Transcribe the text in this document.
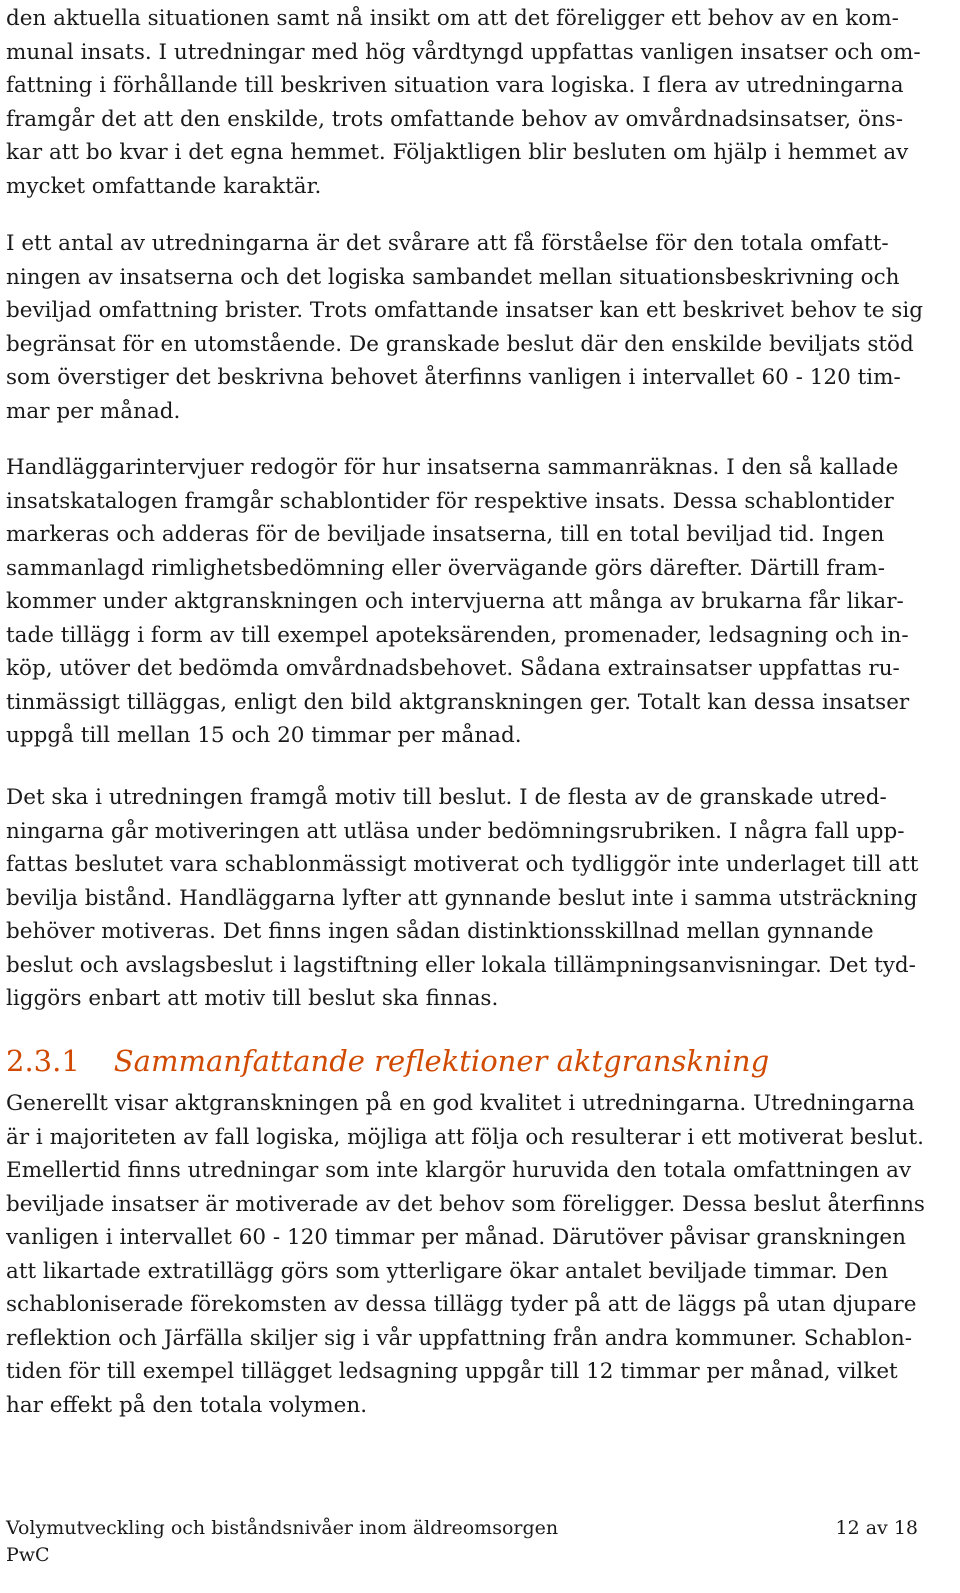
den aktuella situationen samt nå insikt om att det föreligger ett behov av en kom-
munal insats. I utredningar med hög vårdtyngd uppfattas vanligen insatser och om-
fattning i förhållande till beskriven situation vara logiska. I flera av utredningarna
framgår det att den enskilde, trots omfattande behov av omvårdnadsinsatser, öns-
kar att bo kvar i det egna hemmet. Följaktligen blir besluten om hjälp i hemmet av
mycket omfattande karaktär.
I ett antal av utredningarna är det svårare att få förståelse för den totala omfatt-
ningen av insatserna och det logiska sambandet mellan situationsbeskrivning och
beviljad omfattning brister. Trots omfattande insatser kan ett beskrivet behov te sig
begränsat för en utomstående. De granskade beslut där den enskilde beviljats stöd
som överstiger det beskrivna behovet återfinns vanligen i intervallet 60 - 120 tim-
mar per månad.
Handläggarintervjuer redogör för hur insatserna sammanräknas. I den så kallade
insatskatalogen framgår schablontider för respektive insats. Dessa schablontider
markeras och adderas för de beviljade insatserna, till en total beviljad tid. Ingen
sammanlagd rimlighetsbedömning eller övervägande görs därefter. Därtill fram-
kommer under aktgranskningen och intervjuerna att många av brukarna får likar-
tade tillägg i form av till exempel apoteksärenden, promenader, ledsagning och in-
köp, utöver det bedömda omvårdnadsbehovet. Sådana extrainsatser uppfattas ru-
tinmässigt tilläggas, enligt den bild aktgranskningen ger. Totalt kan dessa insatser
uppgå till mellan 15 och 20 timmar per månad.
Det ska i utredningen framgå motiv till beslut. I de flesta av de granskade utred-
ningarna går motiveringen att utläsa under bedömningsrubriken. I några fall upp-
fattas beslutet vara schablonmässigt motiverat och tydliggör inte underlaget till att
bevilja bistånd. Handläggarna lyfter att gynnande beslut inte i samma utsträckning
behöver motiveras. Det finns ingen sådan distinktionsskillnad mellan gynnande
beslut och avslagsbeslut i lagstiftning eller lokala tillämpningsanvisningar. Det tyd-
liggörs enbart att motiv till beslut ska finnas.
2.3.1 Sammanfattande reflektioner aktgranskning
Generellt visar aktgranskningen på en god kvalitet i utredningarna. Utredningarna
är i majoriteten av fall logiska, möjliga att följa och resulterar i ett motiverat beslut.
Emellertid finns utredningar som inte klargör huruvida den totala omfattningen av
beviljade insatser är motiverade av det behov som föreligger. Dessa beslut återfinns
vanligen i intervallet 60 - 120 timmar per månad. Därutöver påvisar granskningen
att likartade extratillägg görs som ytterligare ökar antalet beviljade timmar. Den
schabloniserade förekomsten av dessa tillägg tyder på att de läggs på utan djupare
reflektion och Järfälla skiljer sig i vår uppfattning från andra kommuner. Schablon-
tiden för till exempel tillägget ledsagning uppgår till 12 timmar per månad, vilket
har effekt på den totala volymen.
Volymutveckling och biståndsnivåer inom äldreomsorgen	12 av 18
PwC
